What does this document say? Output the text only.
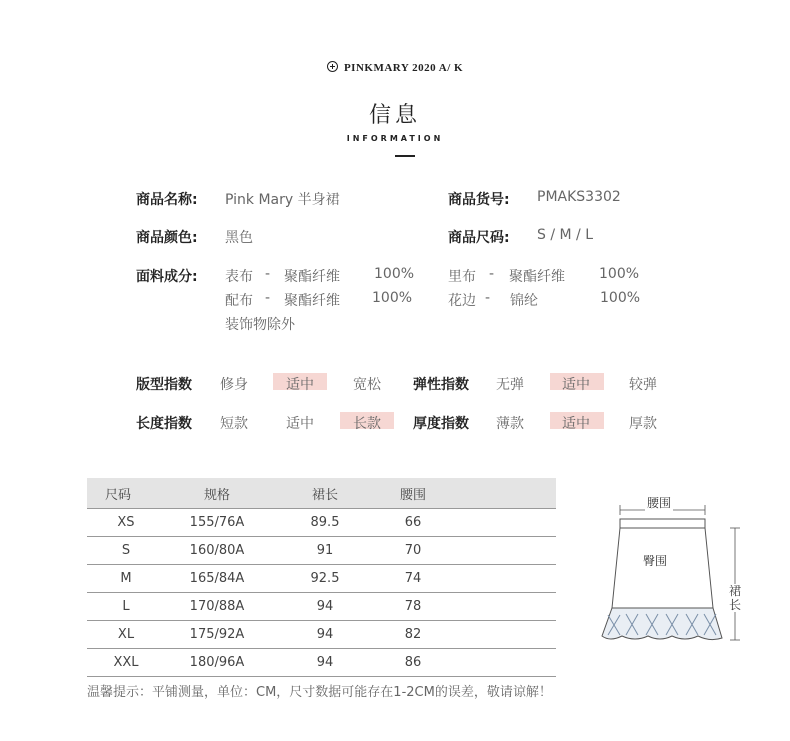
PINKMARY 2020 A/ K
信息
INFORMATION
商品名称: Pink Mary 半身裙	商品货号: PMAKS3302
商品颜色: 黑色	商品尺码: S / M / L
面料成分: 表布 - 聚酯纤维 100% 里布 - 聚酯纤维 100%
配布 - 聚酯纤维 100%	花边 - 锦纶	100%
装饰物除外
版型指数 修身	适中	宽松 弹性指数 无弹	适中	较弹
长度指数 短款	适中	长款 厚度指数 薄款	适中	厚款
尺码	规格	裙长	腰围	
XS	155/76A	89.5	66	
S	160/80A	91	70	
M	165/84A	92.5	74	
L	170/88A	94	78	
XL	175/92A	94	82	
XXL	180/96A	94	86	
腰围
臀围
裙长
温馨提示：平铺测量，单位：CM，尺寸数据可能存在1-2CM的误差，敬请谅解！
